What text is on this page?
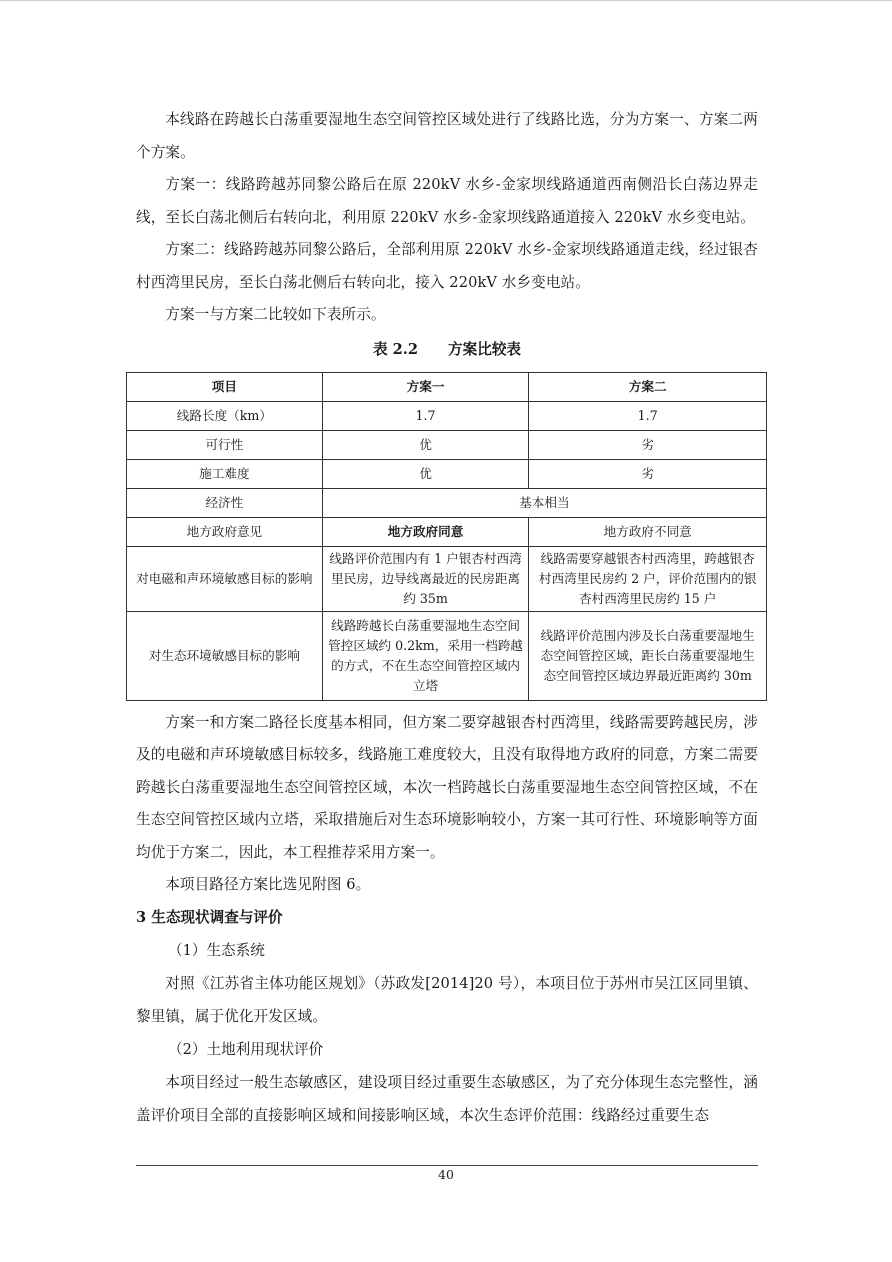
本线路在跨越长白荡重要湿地生态空间管控区域处进行了线路比选，分为方案一、方案二两个方案。

方案一：线路跨越苏同黎公路后在原 220kV 水乡-金家坝线路通道西南侧沿长白荡边界走线，至长白荡北侧后右转向北，利用原 220kV 水乡-金家坝线路通道接入 220kV 水乡变电站。

方案二：线路跨越苏同黎公路后，全部利用原 220kV 水乡-金家坝线路通道走线，经过银杏村西湾里民房，至长白荡北侧后右转向北，接入 220kV 水乡变电站。

方案一与方案二比较如下表所示。

表 2.2 方案比较表
项目	方案一	方案二
线路长度（km）	1.7	1.7
可行性	优	劣
施工难度	优	劣
经济性	基本相当	
地方政府意见	地方政府同意	地方政府不同意
对电磁和声环境敏感目标的影响	线路评价范围内有 1 户银杏村西湾里民房，边导线离最近的民房距离约 35m	线路需要穿越银杏村西湾里，跨越银杏村西湾里民房约 2 户，评价范围内的银杏村西湾里民房约 15 户
对生态环境敏感目标的影响	线路跨越长白荡重要湿地生态空间管控区域约 0.2km，采用一档跨越的方式，不在生态空间管控区域内立塔	线路评价范围内涉及长白荡重要湿地生态空间管控区域，距长白荡重要湿地生态空间管控区域边界最近距离约 30m

方案一和方案二路径长度基本相同，但方案二要穿越银杏村西湾里，线路需要跨越民房，涉及的电磁和声环境敏感目标较多，线路施工难度较大，且没有取得地方政府的同意，方案二需要跨越长白荡重要湿地生态空间管控区域，本次一档跨越长白荡重要湿地生态空间管控区域，不在生态空间管控区域内立塔，采取措施后对生态环境影响较小，方案一其可行性、环境影响等方面均优于方案二，因此，本工程推荐采用方案一。

本项目路径方案比选见附图 6。

3 生态现状调查与评价

（1）生态系统

对照《江苏省主体功能区规划》（苏政发[2014]20 号），本项目位于苏州市吴江区同里镇、黎里镇，属于优化开发区域。

（2）土地利用现状评价

本项目经过一般生态敏感区，建设项目经过重要生态敏感区，为了充分体现生态完整性，涵盖评价项目全部的直接影响区域和间接影响区域，本次生态评价范围：线路经过重要生态

40
